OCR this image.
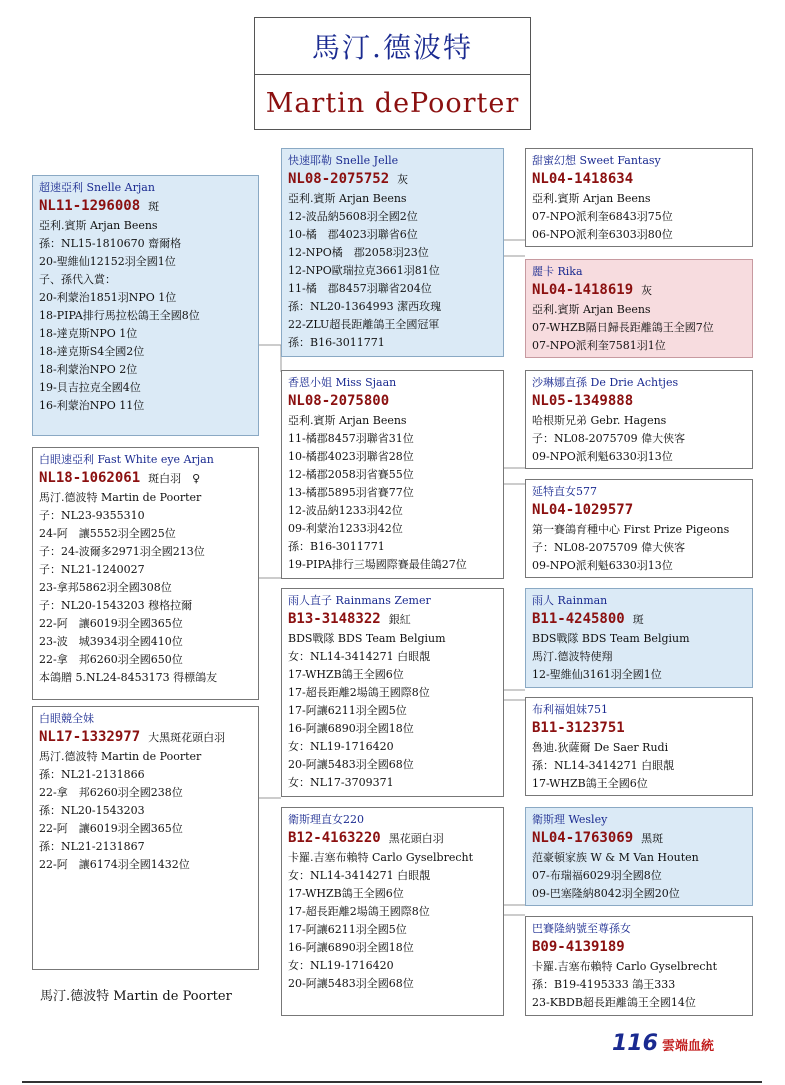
馬汀.德波特
Martin dePoorter
超速亞利 Snelle Arjan
NL11-1296008 斑
亞利.賓斯 Arjan Beens
孫：NL15-1810670 齋爾格
20-聖維仙12152羽全國1位
子、孫代入賞：
20-利蒙治1851羽NPO 1位
18-PIPA排行馬拉松鴿王全國8位
18-達克斯NPO 1位
18-達克斯S4全國2位
18-利蒙治NPO 2位
19-貝吉拉克全國4位
16-利蒙治NPO 11位
白眼速亞利 Fast White eye Arjan
NL18-1062061 斑白羽　♀
馬汀.德波特 Martin de Poorter
子：NL23-9355310
24-阿　讓5552羽全國25位
子：24-波爾多2971羽全國213位
子：NL21-1240027
23-拿邦5862羽全國308位
子：NL20-1543203 穆格拉爾
22-阿　讓6019羽全國365位
23-波　城3934羽全國410位
22-拿　邦6260羽全國650位
本鴿贈 5.NL24-8453173 得標鴿友
白眼競全妹
NL17-1332977 大黑斑花頭白羽
馬汀.德波特 Martin de Poorter
孫：NL21-2131866
22-拿　邦6260羽全國238位
孫：NL20-1543203
22-阿　讓6019羽全國365位
孫：NL21-2131867
22-阿　讓6174羽全國1432位
快速耶勒 Snelle Jelle
NL08-2075752 灰
亞利.賓斯 Arjan Beens
12-波品納5608羽全國2位
10-橘　郡4023羽聯省6位
12-NPO橘　郡2058羽23位
12-NPO歐瑞拉克3661羽81位
11-橘　郡8457羽聯省204位
孫：NL20-1364993 潔西玫瑰
22-ZLU超長距離鴿王全國冠軍
孫：B16-3011771
香恩小姐 Miss Sjaan
NL08-2075800
亞利.賓斯 Arjan Beens
11-橘郡8457羽聯省31位
10-橘郡4023羽聯省28位
12-橘郡2058羽省賽55位
13-橘郡5895羽省賽77位
12-波品納1233羽42位
09-利蒙治1233羽42位
孫：B16-3011771
19-PIPA排行三場國際賽最佳鴿27位
雨人直子 Rainmans Zemer
B13-3148322 銀紅
BDS戰隊 BDS Team Belgium
女：NL14-3414271 白眼靚
17-WHZB鴿王全國6位
17-超長距離2場鴿王國際8位
17-阿讓6211羽全國5位
16-阿讓6890羽全國18位
女：NL19-1716420
20-阿讓5483羽全國68位
女：NL17-3709371
衛斯理直女220
B12-4163220 黑花頭白羽
卡羅.吉塞布賴特 Carlo Gyselbrecht
女：NL14-3414271 白眼靚
17-WHZB鴿王全國6位
17-超長距離2場鴿王國際8位
17-阿讓6211羽全國5位
16-阿讓6890羽全國18位
女：NL19-1716420
20-阿讓5483羽全國68位
甜蜜幻想 Sweet Fantasy
NL04-1418634
亞利.賓斯 Arjan Beens
07-NPO派利奎6843羽75位
06-NPO派利奎6303羽80位
麗卡 Rika
NL04-1418619 灰
亞利.賓斯 Arjan Beens
07-WHZB隔日歸長距離鴿王全國7位
07-NPO派利奎7581羽1位
沙琳娜直孫 De Drie Achtjes
NL05-1349888
哈根斯兄弟 Gebr. Hagens
子：NL08-2075709 偉大俠客
09-NPO派利魁6330羽13位
延特直女577
NL04-1029577
第一賽鴿育種中心 First Prize Pigeons
子：NL08-2075709 偉大俠客
09-NPO派利魁6330羽13位
雨人 Rainman
B11-4245800 斑
BDS戰隊 BDS Team Belgium
馬汀.德波特使翔
12-聖維仙3161羽全國1位
布利福姐妹751
B11-3123751
魯迪.狄薩爾 De Saer Rudi
孫：NL14-3414271 白眼靚
17-WHZB鴿王全國6位
衛斯理 Wesley
NL04-1763069 黑斑
范豪頓家族 W & M Van Houten
07-布瑞福6029羽全國8位
09-巴塞隆納8042羽全國20位
巴賽隆納號至尊孫女
B09-4139189
卡羅.吉塞布賴特 Carlo Gyselbrecht
孫：B19-4195333 鴿王333
23-KBDB超長距離鴿王全國14位
馬汀.德波特 Martin de Poorter
116 雲端血統
